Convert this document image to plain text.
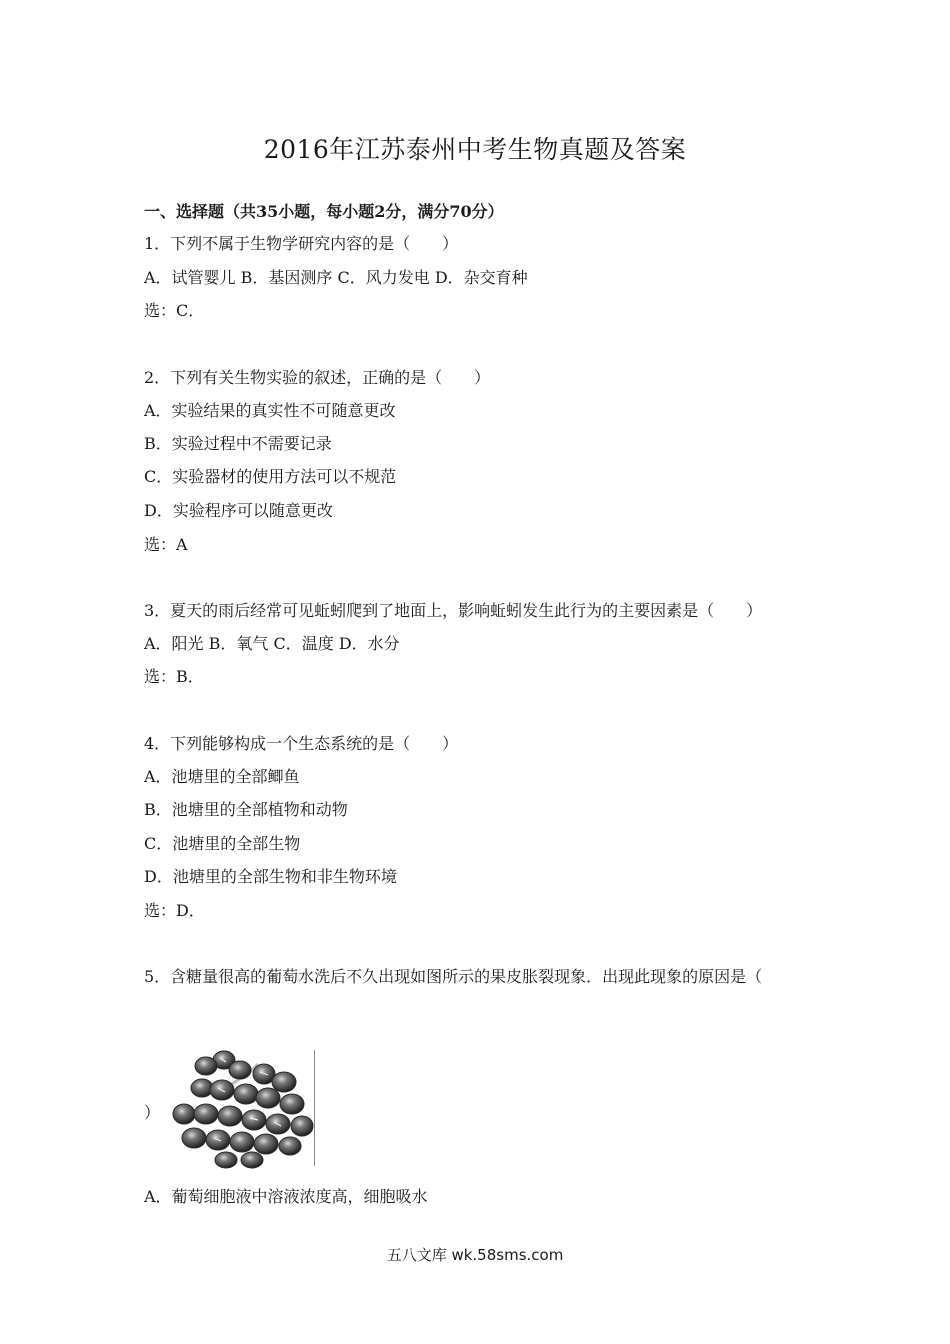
2016年江苏泰州中考生物真题及答案
一、选择题（共35小题，每小题2分，满分70分）
1．下列不属于生物学研究内容的是（　　）
A．试管婴儿 B．基因测序 C．风力发电 D．杂交育种
选：C．
2．下列有关生物实验的叙述，正确的是（　　）
A．实验结果的真实性不可随意更改
B．实验过程中不需要记录
C．实验器材的使用方法可以不规范
D．实验程序可以随意更改
选：A
3．夏天的雨后经常可见蚯蚓爬到了地面上，影响蚯蚓发生此行为的主要因素是（　　）
A．阳光 B．氧气 C．温度 D．水分
选：B．
4．下列能够构成一个生态系统的是（　　）
A．池塘里的全部鲫鱼
B．池塘里的全部植物和动物
C．池塘里的全部生物
D．池塘里的全部生物和非生物环境
选：D．
5．含糖量很高的葡萄水洗后不久出现如图所示的果皮胀裂现象．出现此现象的原因是（
）
A．葡萄细胞液中溶液浓度高，细胞吸水
五八文库 wk.58sms.com
